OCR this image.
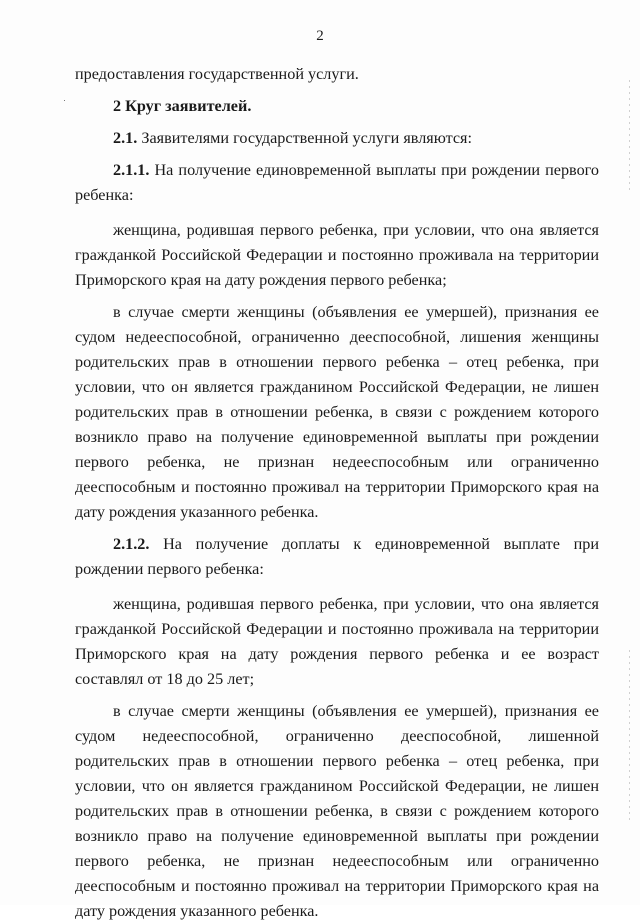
2

предоставления государственной услуги.

2 Круг заявителей.

2.1. Заявителями государственной услуги являются:

2.1.1. На получение единовременной выплаты при рождении первого ребенка:

женщина, родившая первого ребенка, при условии, что она является гражданкой Российской Федерации и постоянно проживала на территории Приморского края на дату рождения первого ребенка;

в случае смерти женщины (объявления ее умершей), признания ее судом недееспособной, ограниченно дееспособной, лишения женщины родительских прав в отношении первого ребенка – отец ребенка, при условии, что он является гражданином Российской Федерации, не лишен родительских прав в отношении ребенка, в связи с рождением которого возникло право на получение единовременной выплаты при рождении первого ребенка, не признан недееспособным или ограниченно дееспособным и постоянно проживал на территории Приморского края на дату рождения указанного ребенка.

2.1.2. На получение доплаты к единовременной выплате при рождении первого ребенка:

женщина, родившая первого ребенка, при условии, что она является гражданкой Российской Федерации и постоянно проживала на территории Приморского края на дату рождения первого ребенка и ее возраст составлял от 18 до 25 лет;

в случае смерти женщины (объявления ее умершей), признания ее судом недееспособной, ограниченно дееспособной, лишенной родительских прав в отношении первого ребенка – отец ребенка, при условии, что он является гражданином Российской Федерации, не лишен родительских прав в отношении ребенка, в связи с рождением которого возникло право на получение единовременной выплаты при рождении первого ребенка, не признан недееспособным или ограниченно дееспособным и постоянно проживал на территории Приморского края на дату рождения указанного ребенка.
